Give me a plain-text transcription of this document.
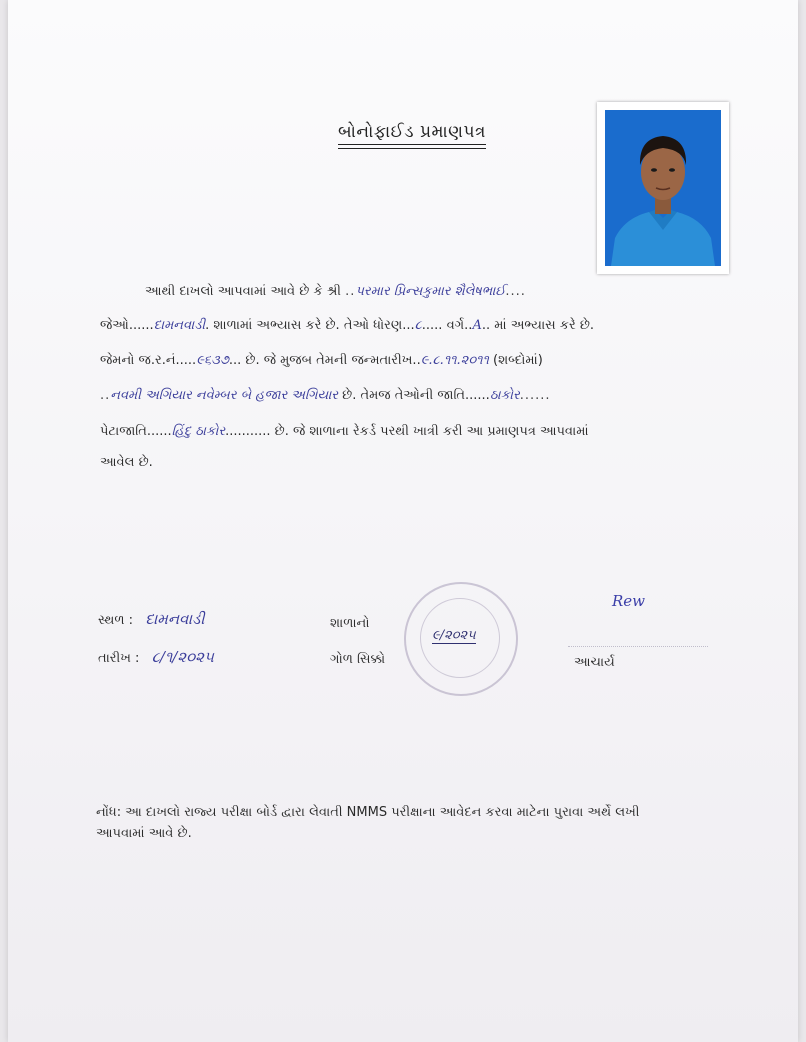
બોનોફાઈડ પ્રમાણપત્ર
આથી દાખલો આપવામાં આવે છે કે શ્રી ..પરમાર પ્રિન્સકુમાર શૈલેષભાઈ....
જેઓ......દામનવાડી. શાળામાં અભ્યાસ કરે છે. તેઓ ધોરણ...૮..... વર્ગ..A.. માં અભ્યાસ કરે છે.
જેમનો જ.ર.નં.....૯૬૩૭... છે. જે મુજબ તેમની જન્મતારીખ..૯.૮.૧૧.૨૦૧૧ (શબ્દોમાં)
..નવમી અગિયાર નવેમ્બર બે હજાર અગિયાર છે. તેમજ તેઓની જાતિ......ઠાકોર......
પેટાજાતિ......હિંદુ ઠાકોર........... છે. જે શાળાના રેકર્ડ પરથી ખાત્રી કરી આ પ્રમાણપત્ર આપવામાં
આવેલ છે.
સ્થળ : દામનવાડી
તારીખ : ૮/૧/૨૦૨૫
શાળાનો
ગોળ સિક્કો
૯/૨૦૨૫
Rew
આચાર્ય
નોંધ: આ દાખલો રાજ્ય પરીક્ષા બોર્ડ દ્વારા લેવાતી NMMS પરીક્ષાના આવેદન કરવા માટેના પુરાવા અર્થે લખી
આપવામાં આવે છે.
